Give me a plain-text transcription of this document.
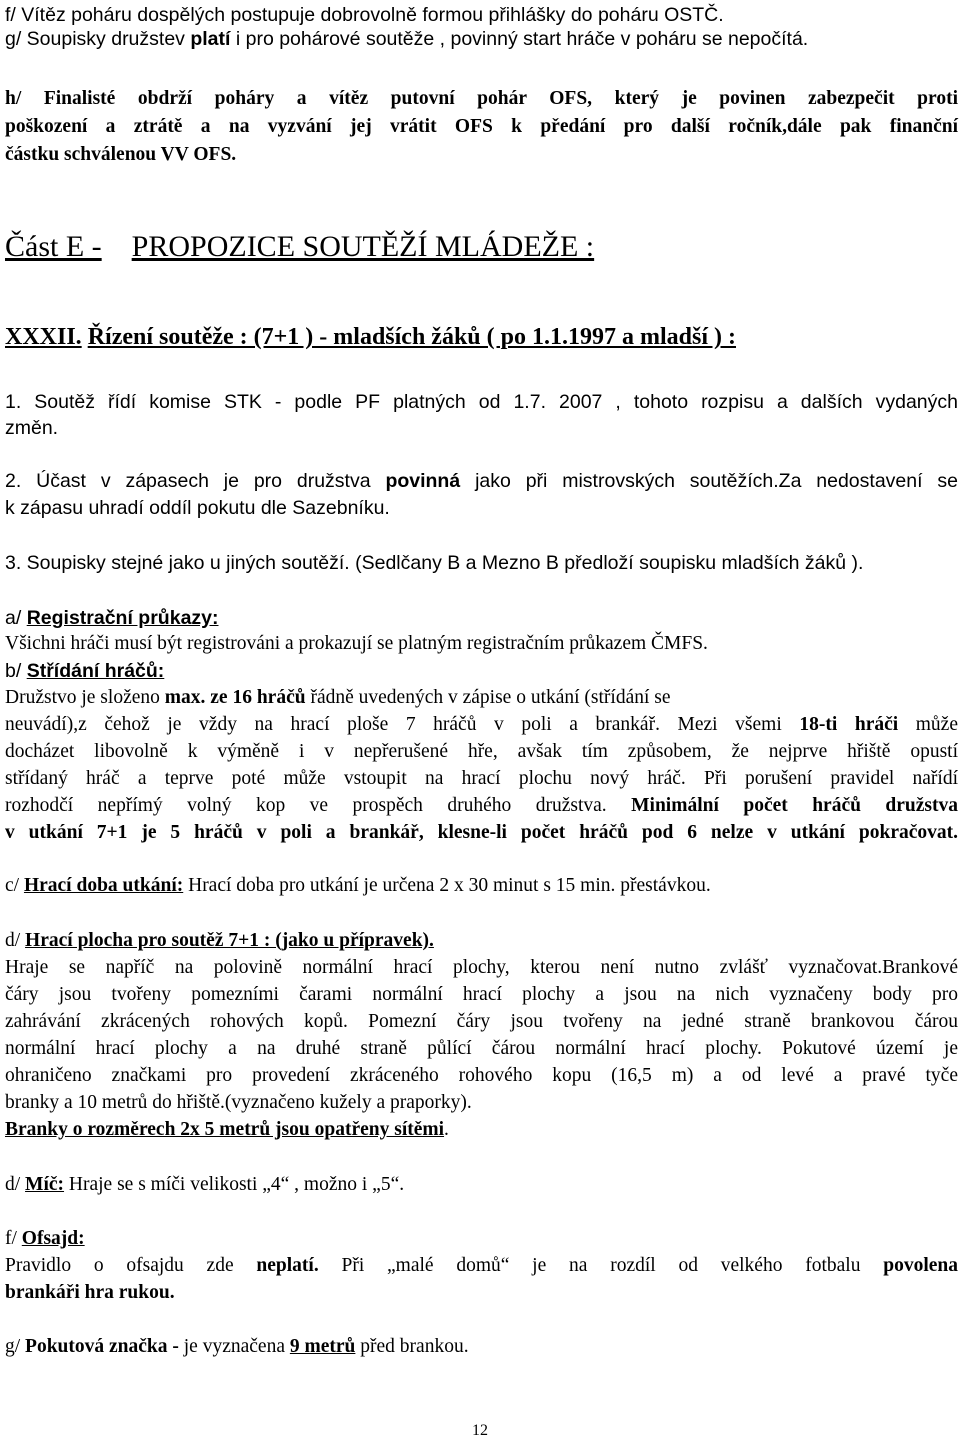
f/ Vítěz poháru dospělých postupuje dobrovolně formou přihlášky do poháru OSTČ.
g/ Soupisky družstev platí i pro pohárové soutěže , povinný start hráče v poháru se nepočítá.
h/ Finalisté obdrží poháry a vítěz putovní pohár OFS, který je povinen zabezpečit proti
poškození a ztrátě a na vyzvání jej vrátit OFS k předání pro další ročník,dále pak finanční
částku schválenou VV OFS.
Část E - PROPOZICE SOUTĚŽÍ MLÁDEŽE :
XXXII. Řízení soutěže : (7+1 ) - mladších žáků ( po 1.1.1997 a mladší ) :
1. Soutěž řídí komise STK - podle PF platných od 1.7. 2007 , tohoto rozpisu a dalších vydaných
změn.
2. Účast v zápasech je pro družstva povinná jako při mistrovských soutěžích.Za nedostavení se
k zápasu uhradí oddíl pokutu dle Sazebníku.
3. Soupisky stejné jako u jiných soutěží. (Sedlčany B a Mezno B předloží soupisku mladších žáků ).
a/ Registrační průkazy:
Všichni hráči musí být registrováni a prokazují se platným registračním průkazem ČMFS.
b/ Střídání hráčů:
Družstvo je složeno max. ze 16 hráčů řádně uvedených v zápise o utkání (střídání se
neuvádí),z čehož je vždy na hrací ploše 7 hráčů v poli a brankář. Mezi všemi 18-ti hráči může
docházet libovolně k výměně i v nepřerušené hře, avšak tím způsobem, že nejprve hřiště opustí
střídaný hráč a teprve poté může vstoupit na hrací plochu nový hráč. Při porušení pravidel nařídí
rozhodčí nepřímý volný kop ve prospěch druhého družstva. Minimální počet hráčů družstva
v utkání 7+1 je 5 hráčů v poli a brankář, klesne-li počet hráčů pod 6 nelze v utkání pokračovat.
c/ Hrací doba utkání: Hrací doba pro utkání je určena 2 x 30 minut s 15 min. přestávkou.
d/ Hrací plocha pro soutěž 7+1 : (jako u přípravek).
Hraje se napříč na polovině normální hrací plochy, kterou není nutno zvlášť vyznačovat.Brankové
čáry jsou tvořeny pomezními čarami normální hrací plochy a jsou na nich vyznačeny body pro
zahrávání zkrácených rohových kopů. Pomezní čáry jsou tvořeny na jedné straně brankovou čárou
normální hrací plochy a na druhé straně půlící čárou normální hrací plochy. Pokutové území je
ohraničeno značkami pro provedení zkráceného rohového kopu (16,5 m) a od levé a pravé tyče
branky a 10 metrů do hřiště.(vyznačeno kužely a praporky).
Branky o rozměrech 2x 5 metrů jsou opatřeny sítěmi.
d/ Míč: Hraje se s míči velikosti „4“ , možno i „5“.
f/ Ofsajd:
Pravidlo o ofsajdu zde neplatí. Při „malé domů“ je na rozdíl od velkého fotbalu povolena
brankáři hra rukou.
g/ Pokutová značka - je vyznačena 9 metrů před brankou.
12
